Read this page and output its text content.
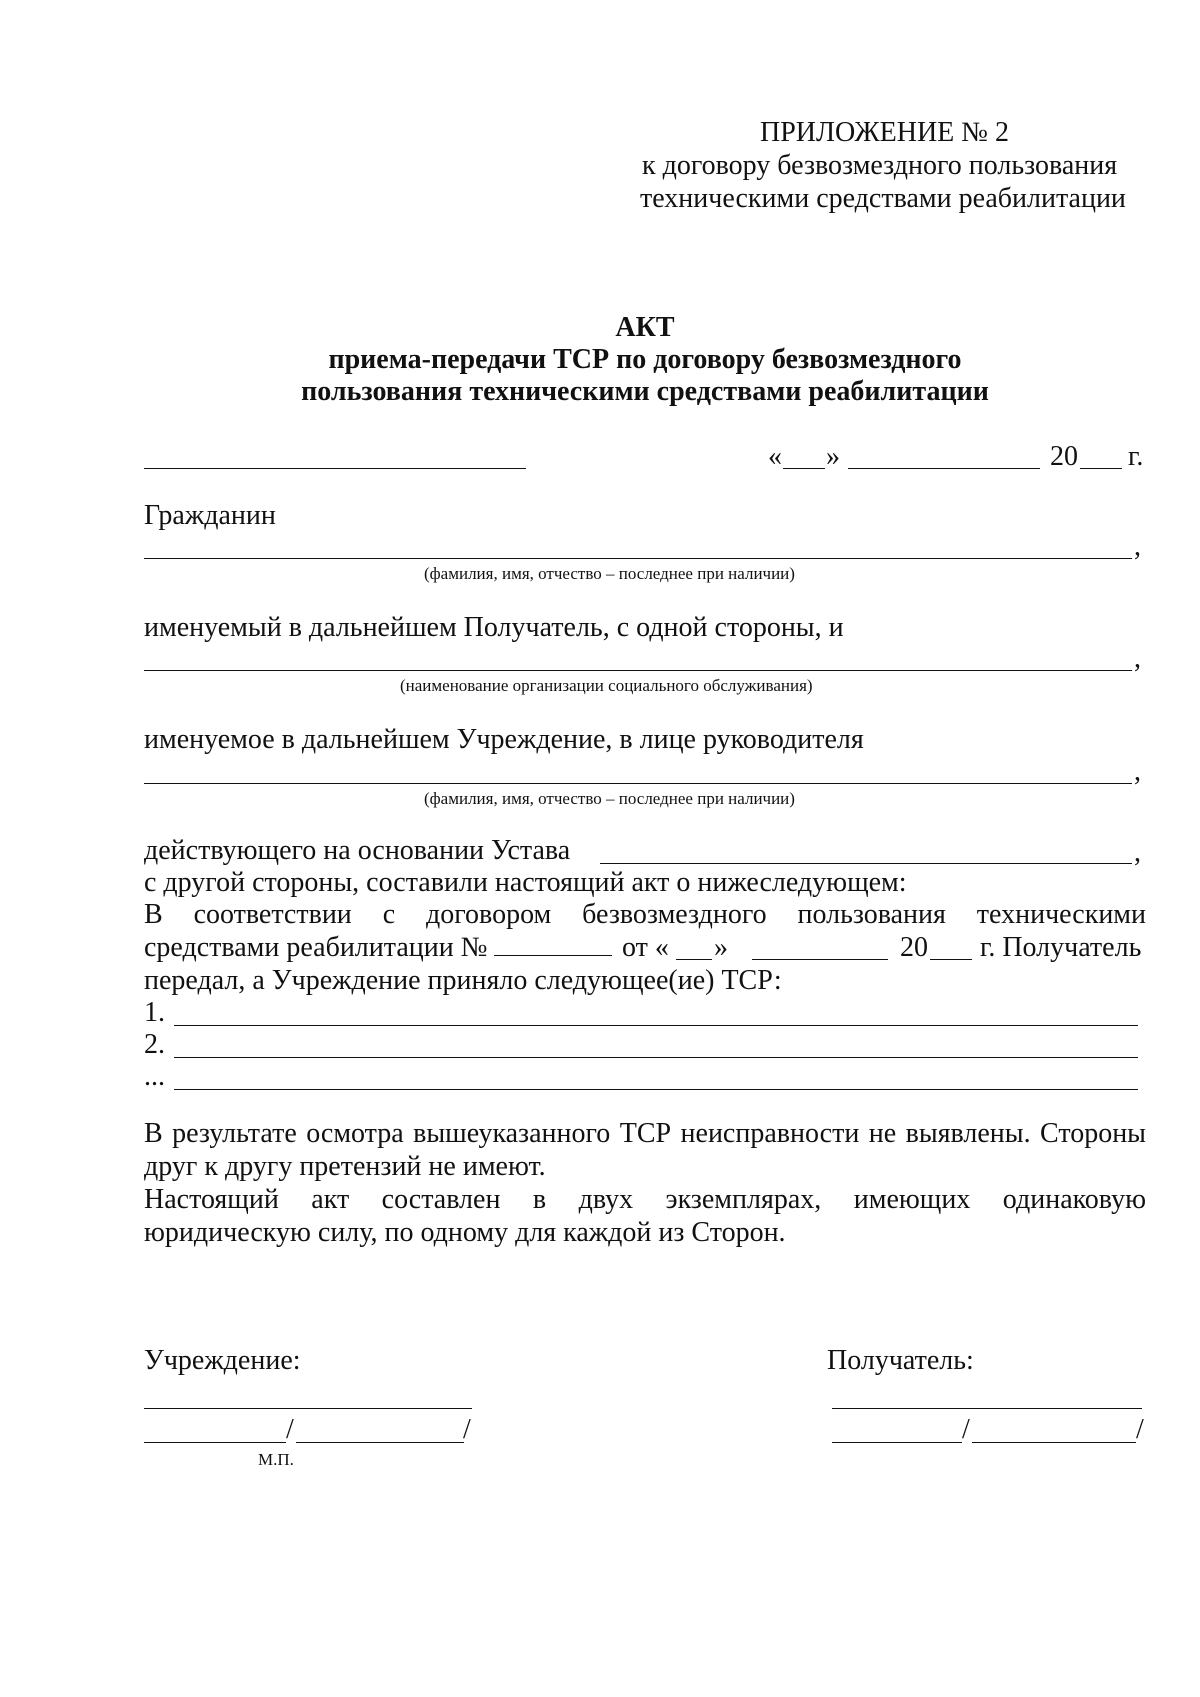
ПРИЛОЖЕНИЕ № 2
к договору безвозмездного пользования
техническими средствами реабилитации
АКТ
приема-передачи ТСР по договору безвозмездного
пользования техническими средствами реабилитации
« »	20 г.
Гражданин
,
(фамилия, имя, отчество – последнее при наличии)
именуемый в дальнейшем Получатель, с одной стороны, и
,
(наименование организации социального обслуживания)
именуемое в дальнейшем Учреждение, в лице руководителя
,
(фамилия, имя, отчество – последнее при наличии)
действующего на основании Устава	,
с другой стороны, составили настоящий акт о нижеследующем:
В соответствии с договором безвозмездного пользования техническими
средствами реабилитации №	от « »	20 г. Получатель
передал, а Учреждение приняло следующее(ие) ТСР:
1.
2.
...
В результате осмотра вышеуказанного ТСР неисправности не выявлены. Стороны
друг к другу претензий не имеют.
Настоящий акт составлен в двух экземплярах, имеющих одинаковую
юридическую силу, по одному для каждой из Сторон.
Учреждение:
/	/
М.П.
Получатель:
/	/
